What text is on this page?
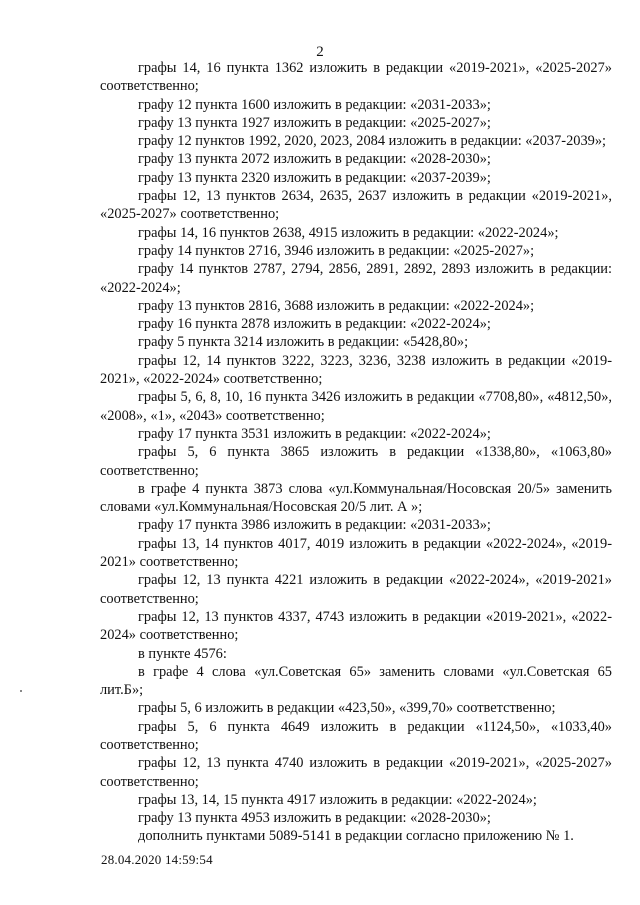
2

графы 14, 16 пункта 1362 изложить в редакции «2019-2021», «2025-2027» соответственно;

графу 12 пункта 1600 изложить в редакции: «2031-2033»;

графу 13 пункта 1927 изложить в редакции: «2025-2027»;

графу 12 пунктов 1992, 2020, 2023, 2084 изложить в редакции: «2037-2039»;

графу 13 пункта 2072 изложить в редакции: «2028-2030»;

графу 13 пункта 2320 изложить в редакции: «2037-2039»;

графы 12, 13 пунктов 2634, 2635, 2637 изложить в редакции «2019-2021», «2025-2027» соответственно;

графы 14, 16 пунктов 2638, 4915 изложить в редакции: «2022-2024»;

графу 14 пунктов 2716, 3946 изложить в редакции: «2025-2027»;

графу 14 пунктов 2787, 2794, 2856, 2891, 2892, 2893 изложить в редакции: «2022-2024»;

графу 13 пунктов 2816, 3688 изложить в редакции: «2022-2024»;

графу 16 пункта 2878 изложить в редакции: «2022-2024»;

графу 5 пункта 3214 изложить в редакции: «5428,80»;

графы 12, 14 пунктов 3222, 3223, 3236, 3238 изложить в редакции «2019-2021», «2022-2024» соответственно;

графы 5, 6, 8, 10, 16 пункта 3426 изложить в редакции «7708,80», «4812,50», «2008», «1», «2043» соответственно;

графу 17 пункта 3531 изложить в редакции: «2022-2024»;

графы 5, 6 пункта 3865 изложить в редакции «1338,80», «1063,80» соответственно;

в графе 4 пункта 3873 слова «ул.Коммунальная/Носовская 20/5» заменить словами «ул.Коммунальная/Носовская 20/5 лит. А »;

графу 17 пункта 3986 изложить в редакции: «2031-2033»;

графы 13, 14 пунктов 4017, 4019 изложить в редакции «2022-2024», «2019-2021» соответственно;

графы 12, 13 пункта 4221 изложить в редакции «2022-2024», «2019-2021» соответственно;

графы 12, 13 пунктов 4337, 4743 изложить в редакции «2019-2021», «2022-2024» соответственно;

в пункте 4576:

в графе 4 слова «ул.Советская 65» заменить словами «ул.Советская 65 лит.Б»;

графы 5, 6 изложить в редакции «423,50», «399,70» соответственно;

графы 5, 6 пункта 4649 изложить в редакции «1124,50», «1033,40» соответственно;

графы 12, 13 пункта 4740 изложить в редакции «2019-2021», «2025-2027» соответственно;

графы 13, 14, 15 пункта 4917 изложить в редакции: «2022-2024»;

графу 13 пункта 4953 изложить в редакции: «2028-2030»;

дополнить пунктами 5089-5141 в редакции согласно приложению № 1.

28.04.2020 14:59:54
